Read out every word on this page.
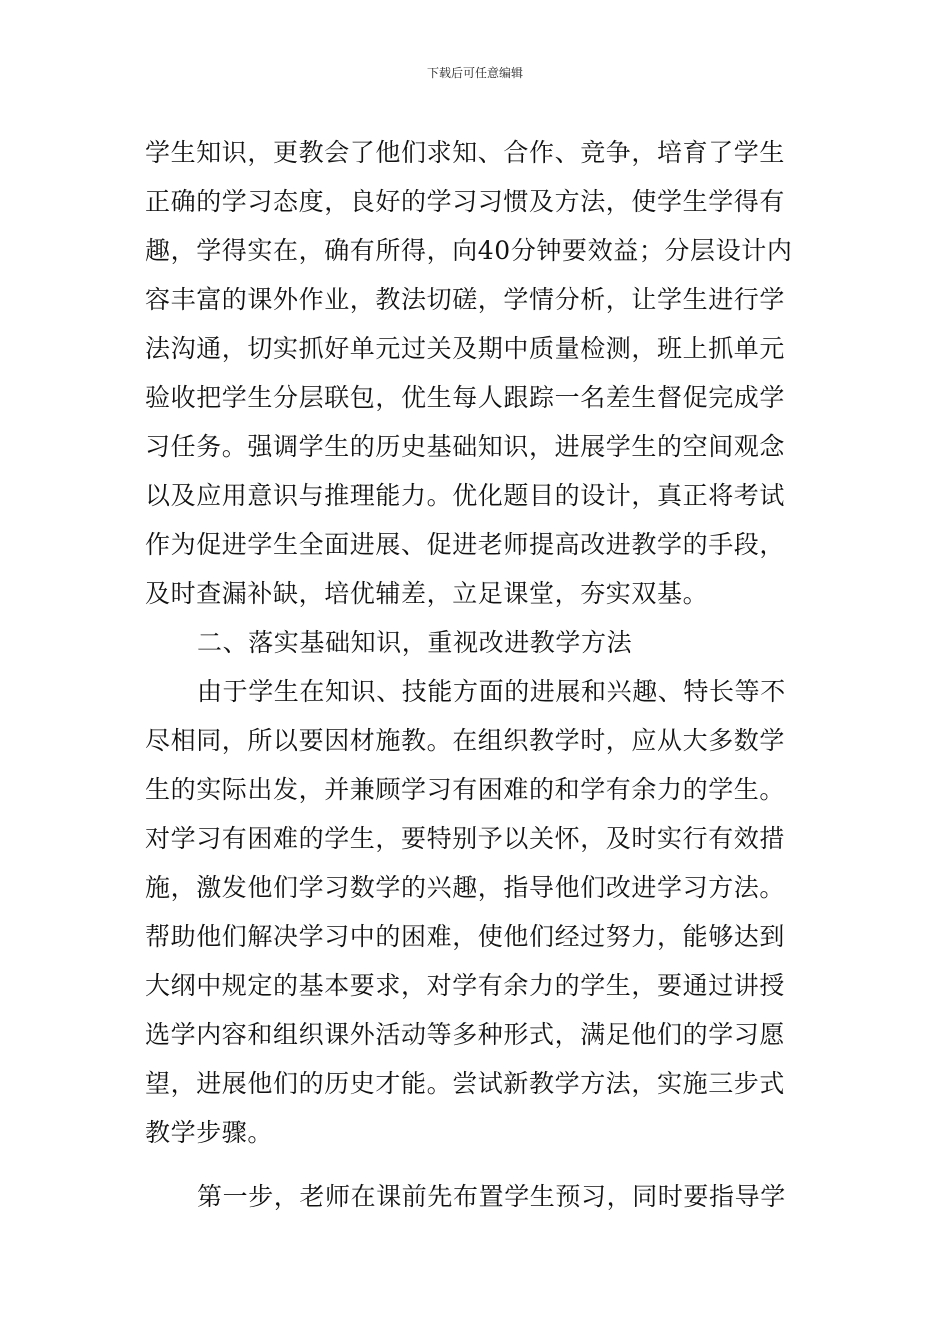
下载后可任意编辑
学生知识，更教会了他们求知、合作、竞争，培育了学生
正确的学习态度，良好的学习习惯及方法，使学生学得有
趣，学得实在，确有所得，向40分钟要效益；分层设计内
容丰富的课外作业，教法切磋，学情分析，让学生进行学
法沟通，切实抓好单元过关及期中质量检测，班上抓单元
验收把学生分层联包，优生每人跟踪一名差生督促完成学
习任务。强调学生的历史基础知识，进展学生的空间观念
以及应用意识与推理能力。优化题目的设计，真正将考试
作为促进学生全面进展、促进老师提高改进教学的手段，
及时查漏补缺，培优辅差，立足课堂，夯实双基。
二、落实基础知识，重视改进教学方法
由于学生在知识、技能方面的进展和兴趣、特长等不
尽相同，所以要因材施教。在组织教学时，应从大多数学
生的实际出发，并兼顾学习有困难的和学有余力的学生。
对学习有困难的学生，要特别予以关怀，及时实行有效措
施，激发他们学习数学的兴趣，指导他们改进学习方法。
帮助他们解决学习中的困难，使他们经过努力，能够达到
大纲中规定的基本要求，对学有余力的学生，要通过讲授
选学内容和组织课外活动等多种形式，满足他们的学习愿
望，进展他们的历史才能。尝试新教学方法，实施三步式
教学步骤。
第一步，老师在课前先布置学生预习，同时要指导学
